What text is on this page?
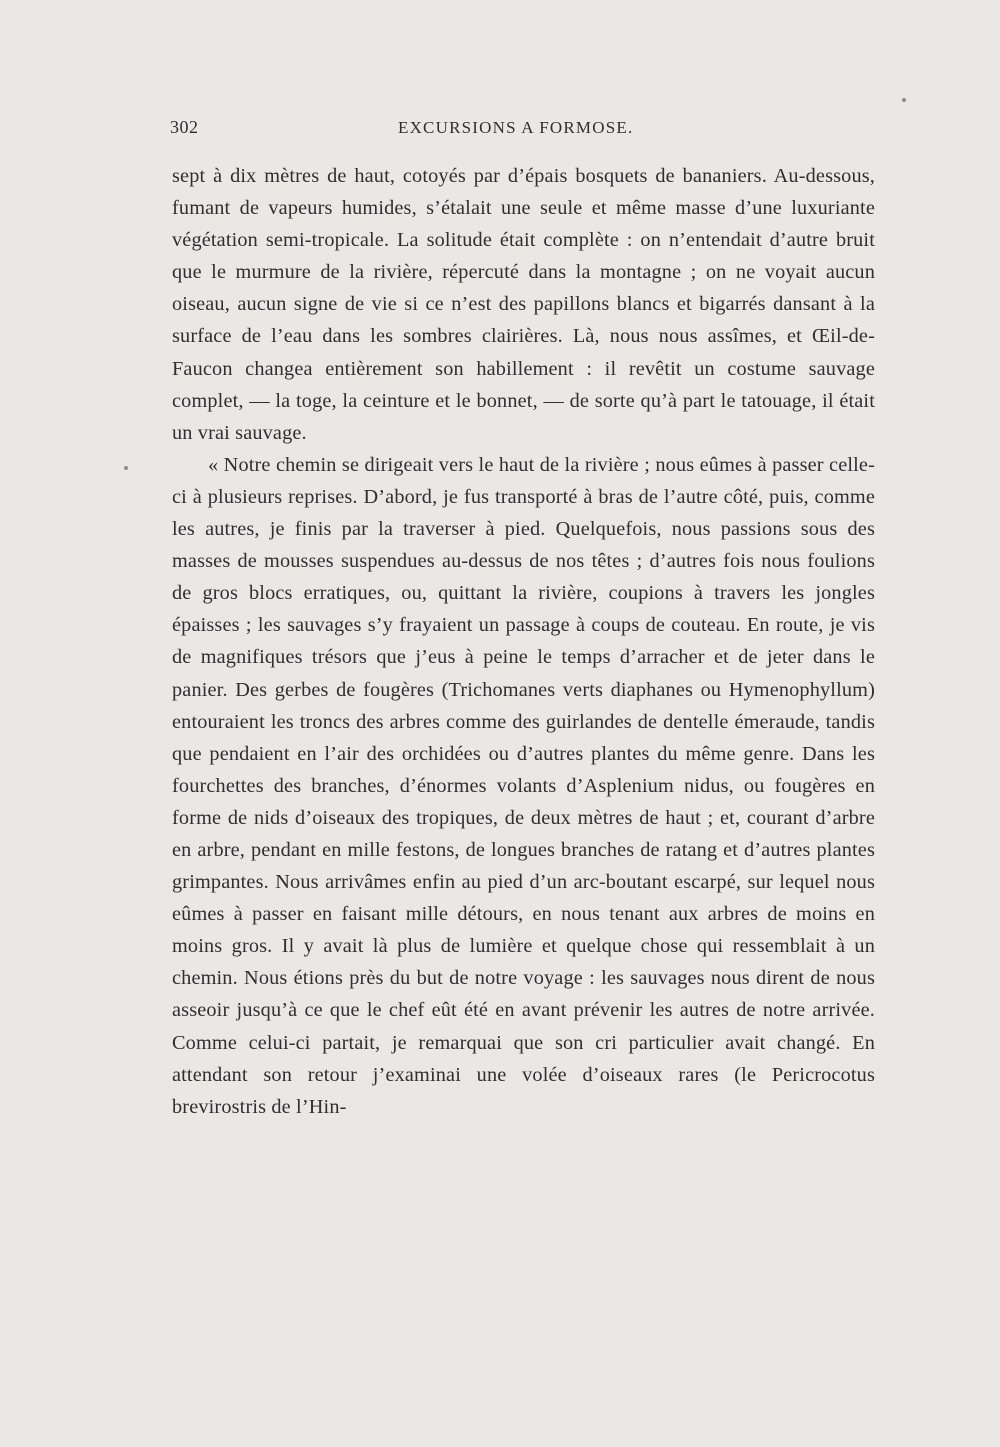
302	EXCURSIONS A FORMOSE.

sept à dix mètres de haut, cotoyés par d’épais bosquets de bananiers. Au-dessous, fumant de vapeurs humides, s’étalait une seule et même masse d’une luxuriante végétation semi-tropicale. La solitude était complète : on n’entendait d’autre bruit que le murmure de la rivière, répercuté dans la montagne ; on ne voyait aucun oiseau, aucun signe de vie si ce n’est des papillons blancs et bigarrés dansant à la surface de l’eau dans les sombres clairières. Là, nous nous assîmes, et Œil-de-Faucon changea entièrement son habillement : il revêtit un costume sauvage complet, — la toge, la ceinture et le bonnet, — de sorte qu’à part le tatouage, il était un vrai sauvage.

« Notre chemin se dirigeait vers le haut de la rivière ; nous eûmes à passer celle-ci à plusieurs reprises. D’abord, je fus transporté à bras de l’autre côté, puis, comme les autres, je finis par la traverser à pied. Quelquefois, nous passions sous des masses de mousses suspendues au-dessus de nos têtes ; d’autres fois nous foulions de gros blocs erratiques, ou, quittant la rivière, coupions à travers les jongles épaisses ; les sauvages s’y frayaient un passage à coups de couteau. En route, je vis de magnifiques trésors que j’eus à peine le temps d’arracher et de jeter dans le panier. Des gerbes de fougères (Trichomanes verts diaphanes ou Hymenophyllum) entouraient les troncs des arbres comme des guirlandes de dentelle émeraude, tandis que pendaient en l’air des orchidées ou d’autres plantes du même genre. Dans les fourchettes des branches, d’énormes volants d’Asplenium nidus, ou fougères en forme de nids d’oiseaux des tropiques, de deux mètres de haut ; et, courant d’arbre en arbre, pendant en mille festons, de longues branches de ratang et d’autres plantes grimpantes. Nous arrivâmes enfin au pied d’un arc-boutant escarpé, sur lequel nous eûmes à passer en faisant mille détours, en nous tenant aux arbres de moins en moins gros. Il y avait là plus de lumière et quelque chose qui ressemblait à un chemin. Nous étions près du but de notre voyage : les sauvages nous dirent de nous asseoir jusqu’à ce que le chef eût été en avant prévenir les autres de notre arrivée. Comme celui-ci partait, je remarquai que son cri particulier avait changé. En attendant son retour j’examinai une volée d’oiseaux rares (le Pericrocotus brevirostris de l’Hin-
